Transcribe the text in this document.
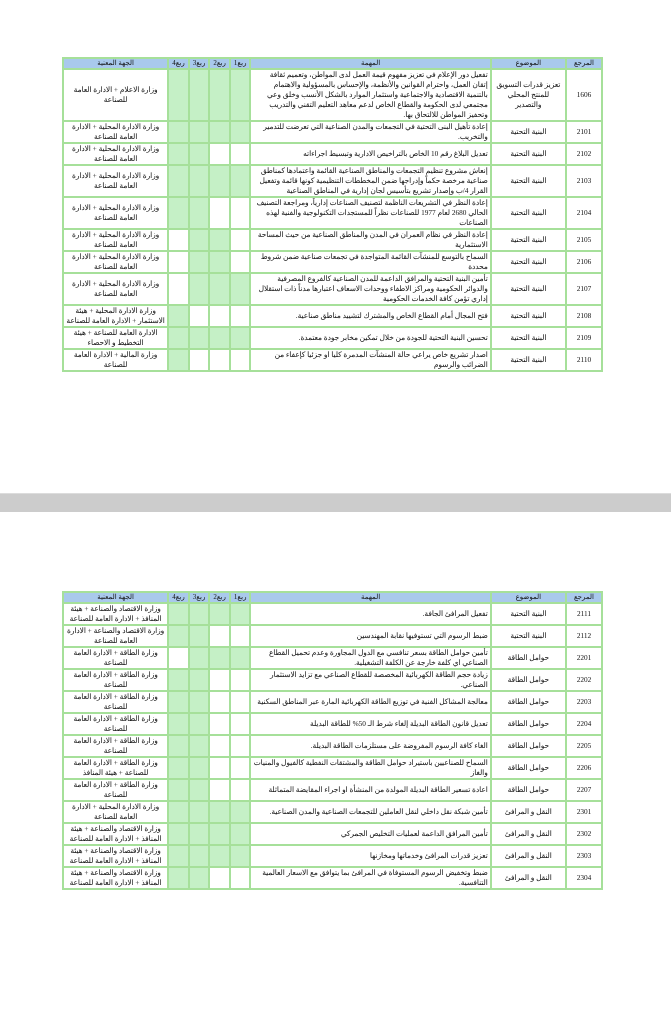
المرجع	الموضوع	المهمة	ربع1	ربع2	ربع3	ربع4	الجهة المعنية
1606	تعزيز قدرات التسويق للمنتج المحلي والتصدير	تفعيل دور الإعلام في تعزيز مفهوم قيمة العمل لدى المواطن، وتعميم ثقافة إتقان العمل، واحترام القوانين والأنظمة، والإحساس بالمسؤولية والاهتمام بالتنمية الاقتصادية والاجتماعية واستثمار الموارد بالشكل الأنسب وخلق وعي مجتمعي لدى الحكومة والقطاع الخاص لدعم معاهد التعليم التقني والتدريب وتحفيز المواطن للالتحاق بها.					وزارة الاعلام + الادارة العامة للصناعة
2101	البنية التحتية	إعادة تأهيل البنى التحتية في التجمعات والمدن الصناعية التي تعرضت للتدمير والتخريب.					وزارة الادارة المحلية + الادارة العامة للصناعة
2102	البنية التحتية	تعديل البلاغ رقم 10 الخاص بالتراخيص الادارية وتبسيط اجراءاته					وزارة الادارة المحلية + الادارة العامة للصناعة
2103	البنية التحتية	إنعاش مشروع تنظيم التجمعات والمناطق الصناعية القائمة واعتمادها كمناطق صناعية مرخصة حكماً وإدراجها ضمن المخططات التنظيمية كونها قائمة وتفعيل القرار 4/ب وإصدار تشريع بتأسيس لجان إدارية في المناطق الصناعية					وزارة الادارة المحلية + الادارة العامة للصناعة
2104	البنية التحتية	إعادة النظر في التشريعات الناظمة لتصنيف الصناعات إدارياً، ومراجعة التصنيف الحالي 2680 لعام 1977 للصناعات نظراً للمستجدات التكنولوجية والفنية لهذه الصناعات					وزارة الادارة المحلية + الادارة العامة للصناعة
2105	البنية التحتية	إعادة النظر في نظام العمران في المدن والمناطق الصناعية من حيث المساحة الاستثمارية					وزارة الادارة المحلية + الادارة العامة للصناعة
2106	البنية التحتية	السماح بالتوسع للمنشآت القائمة المتواجدة في تجمعات صناعية ضمن شروط محددة					وزارة الادارة المحلية + الادارة العامة للصناعة
2107	البنية التحتية	تأمين البنية التحتية والمرافق الداعمة للمدن الصناعية كالفروع المصرفية والدوائر الحكومية ومراكز الاطفاء ووحدات الاسعاف اعتبارها مدناً ذات استقلال إداري تؤمن كافة الخدمات الحكومية					وزارة الادارة المحلية + الادارة العامة للصناعة
2108	البنية التحتية	فتح المجال أمام القطاع الخاص والمشترك لتشييد مناطق صناعية.					وزارة الادارة المحلية + هيئة الاستثمار + الادارة العامة للصناعة
2109	البنية التحتية	تحسين البنية التحتية للجودة من خلال تمكين مخابر جودة معتمدة.					الادارة العامة للصناعة + هيئة التخطيط و الاحصاء
2110	البنية التحتية	اصدار تشريع خاص يراعي حالة المنشآت المدمرة كليا او جزئيا كإعفاء من الضرائب والرسوم					وزارة المالية + الادارة العامة للصناعة
المرجع	الموضوع	المهمة	ربع1	ربع2	ربع3	ربع4	الجهة المعنية
2111	البنية التحتية	تفعيل المرافئ الجافة.					وزارة الاقتصاد والصناعة + هيئة المنافذ + الادارة العامة للصناعة
2112	البنية التحتية	ضبط الرسوم التي تستوفيها نقابة المهندسين					وزارة الاقتصاد والصناعة + الادارة العامة للصناعة
2201	حوامل الطاقة	تأمين حوامل الطاقة بسعر تنافسي مع الدول المجاورة وعدم تحميل القطاع الصناعي اي كلفة خارجة عن الكلفة التشغيلية.					وزارة الطاقة + الادارة العامة للصناعة
2202	حوامل الطاقة	زيادة حجم الطاقة الكهربائية المخصصة للقطاع الصناعي مع تزايد الاستثمار الصناعي.					وزارة الطاقة + الادارة العامة للصناعة
2203	حوامل الطاقة	معالجة المشاكل الفنية في توزيع الطاقة الكهربائية المارة عبر المناطق السكنية					وزارة الطاقة + الادارة العامة للصناعة
2204	حوامل الطاقة	تعديل قانون الطاقة البديلة إلغاء شرط الـ 50% للطاقة البديلة					وزارة الطاقة + الادارة العامة للصناعة
2205	حوامل الطاقة	الغاء كافة الرسوم المفروضة على مستلزمات الطاقة البديلة.					وزارة الطاقة + الادارة العامة للصناعة
2206	حوامل الطاقة	السماح للصناعيين باستيراد حوامل الطاقة والمشتقات النفطية كالفيول والمنيات والغاز					وزارة الطاقة + الادارة العامة للصناعة + هيئة المنافذ
2207	حوامل الطاقة	اعادة تسعير الطاقة البديلة المولدة من المنشأة او اجراء المقايضة المتماثلة					وزارة الطاقة + الادارة العامة للصناعة
2301	النقل و المرافئ	تأمين شبكة نقل داخلي لنقل العاملين للتجمعات الصناعية والمدن الصناعية.					وزارة الادارة المحلية + الادارة العامة للصناعة
2302	النقل و المرافئ	تأمين المرافق الداعمة لعمليات التخليص الجمركي					وزارة الاقتصاد والصناعة + هيئة المنافذ + الادارة العامة للصناعة
2303	النقل و المرافئ	تعزيز قدرات المرافئ وخدماتها ومخازنها					وزارة الاقتصاد والصناعة + هيئة المنافذ + الادارة العامة للصناعة
2304	النقل و المرافئ	ضبط وتخفيض الرسوم المستوفاة في المرافئ بما يتوافق مع الاسعار العالمية التنافسية.					وزارة الاقتصاد والصناعة + هيئة المنافذ + الادارة العامة للصناعة
